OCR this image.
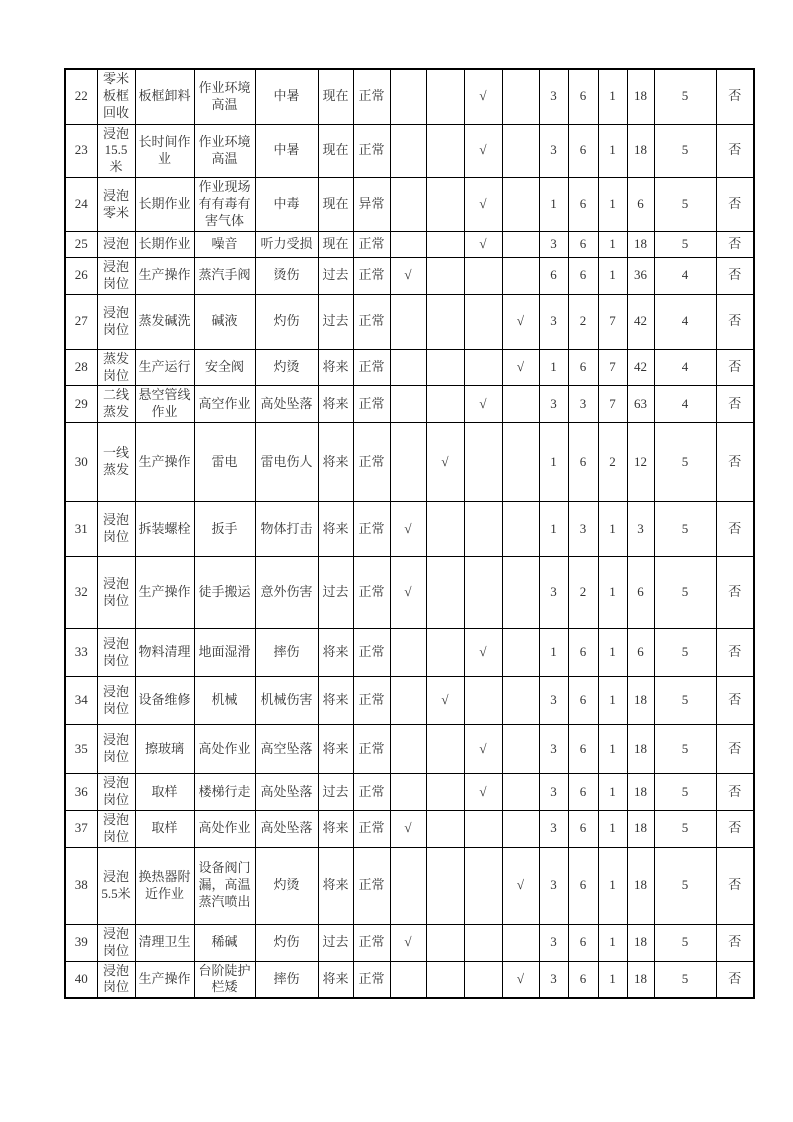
22	零米板框回收	板框卸料	作业环境高温	中暑	现在	正常			√		3	6	1	18	5	否
23	浸泡15.5米	长时间作业	作业环境高温	中暑	现在	正常			√		3	6	1	18	5	否
24	浸泡零米	长期作业	作业现场有有毒有害气体	中毒	现在	异常			√		1	6	1	6	5	否
25	浸泡	长期作业	噪音	听力受损	现在	正常			√		3	6	1	18	5	否
26	浸泡岗位	生产操作	蒸汽手阀	烫伤	过去	正常	√				6	6	1	36	4	否
27	浸泡岗位	蒸发碱洗	碱液	灼伤	过去	正常				√	3	2	7	42	4	否
28	蒸发岗位	生产运行	安全阀	灼烫	将来	正常				√	1	6	7	42	4	否
29	二线蒸发	悬空管线作业	高空作业	高处坠落	将来	正常			√		3	3	7	63	4	否
30	一线蒸发	生产操作	雷电	雷电伤人	将来	正常		√			1	6	2	12	5	否
31	浸泡岗位	拆装螺栓	扳手	物体打击	将来	正常	√				1	3	1	3	5	否
32	浸泡岗位	生产操作	徒手搬运	意外伤害	过去	正常	√				3	2	1	6	5	否
33	浸泡岗位	物料清理	地面湿滑	摔伤	将来	正常			√		1	6	1	6	5	否
34	浸泡岗位	设备维修	机械	机械伤害	将来	正常		√			3	6	1	18	5	否
35	浸泡岗位	擦玻璃	高处作业	高空坠落	将来	正常			√		3	6	1	18	5	否
36	浸泡岗位	取样	楼梯行走	高处坠落	过去	正常			√		3	6	1	18	5	否
37	浸泡岗位	取样	高处作业	高处坠落	将来	正常	√				3	6	1	18	5	否
38	浸泡5.5米	换热器附近作业	设备阀门漏，高温蒸汽喷出	灼烫	将来	正常				√	3	6	1	18	5	否
39	浸泡岗位	清理卫生	稀碱	灼伤	过去	正常	√				3	6	1	18	5	否
40	浸泡岗位	生产操作	台阶陡护栏矮	摔伤	将来	正常				√	3	6	1	18	5	否
